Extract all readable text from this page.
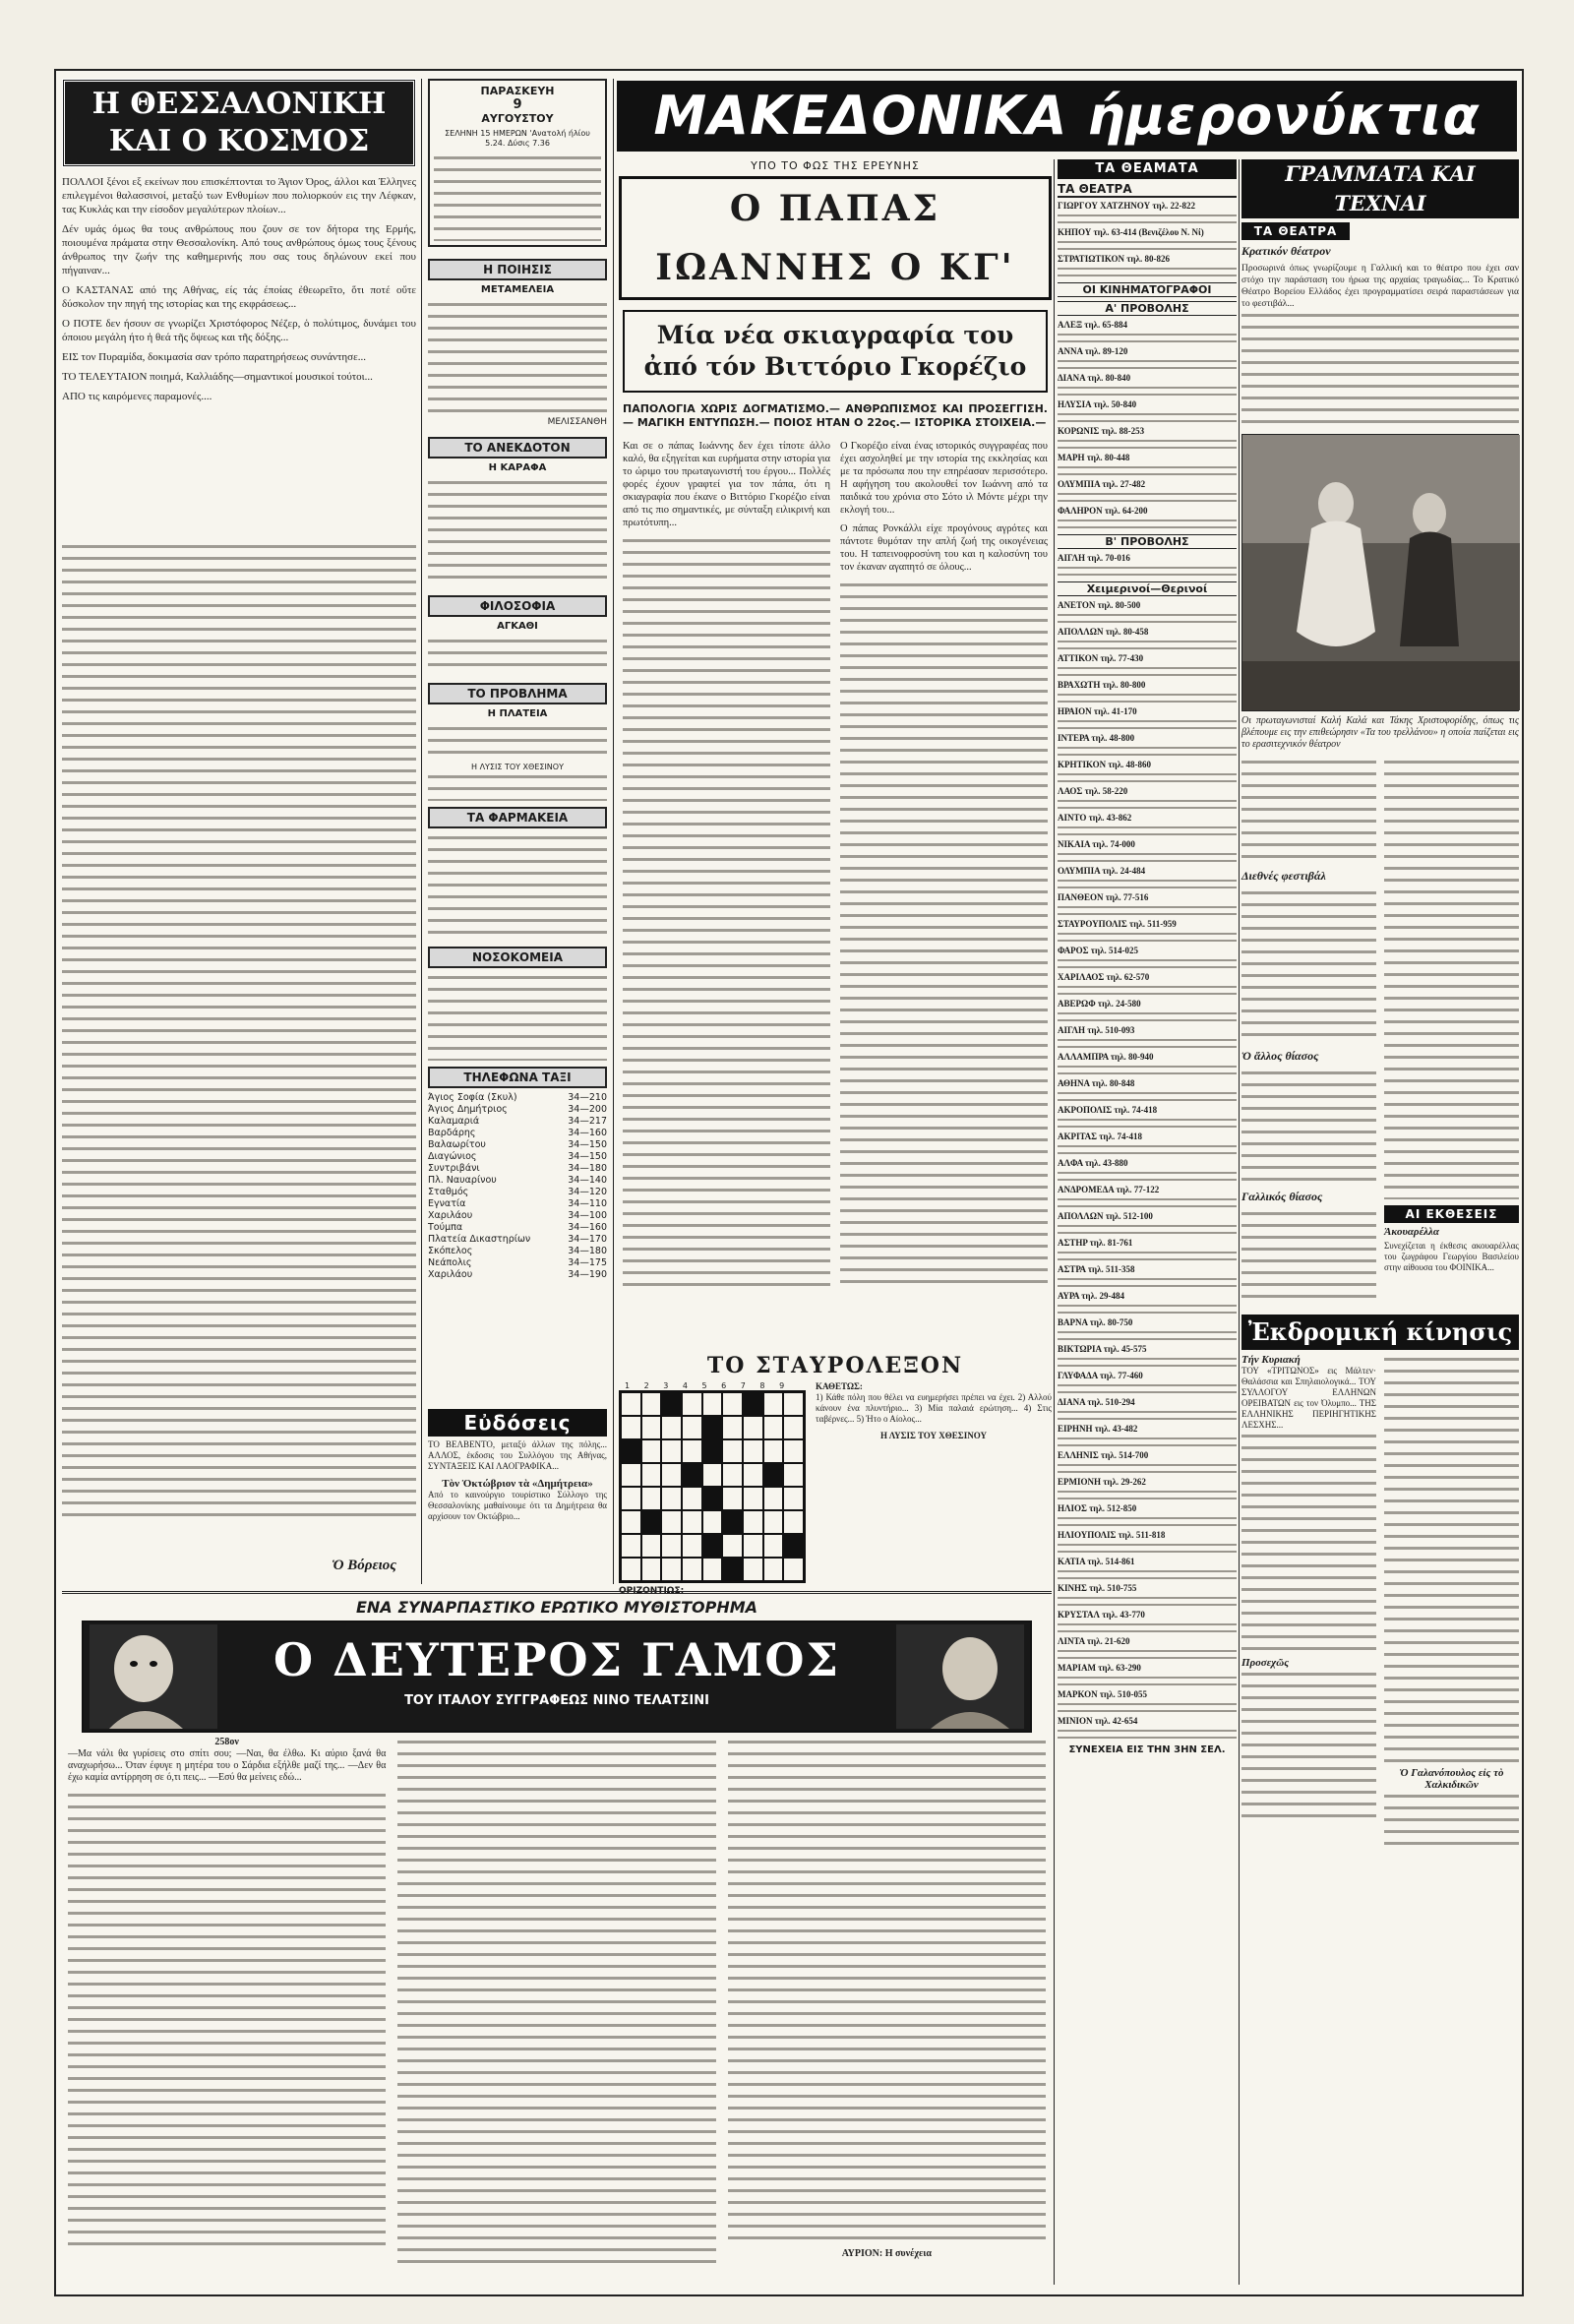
ΜΑΚΕΔΟΝΙΚΑ ήμερονύκτια
Η ΘΕΣΣΑΛΟΝΙΚΗ ΚΑΙ Ο ΚΟΣΜΟΣ

ΠΟΛΛΟΙ ξένοι εξ εκείνων που επισκέπτονται το Άγιον Όρος, άλλοι και Έλληνες επιλεγμένοι θαλασσινοί, μεταξύ των Ενθυμίων που πολιορκούν εις την Λέφκαν, τας Κυκλάς και την είσοδον μεγαλύτερων πλοίων...

Δέν υμάς όμως θα τους ανθρώπους που ζουν σε τον δήτορα της Ερμής, ποιουμένα πράματα στην Θεσσαλονίκη. Από τους ανθρώπους όμως τους ξένους άνθρωπος την ζωήν της καθημερινής που σας τους δηλώνουν εκεί που πήγαιναν...

Ο ΚΑΣΤΑΝΑΣ από της Αθήνας, είς τάς έποίας ἐθεωρεῖτο, ὅτι ποτέ οὔτε δύσκολον την πηγή της ιστορίας και της εκφράσεως...

Ο ΠΟΤΕ δεν ήσουν σε γνωρίζει Χριστόφορος Νέζερ, ὁ πολύτιμος, δυνάμει του όποιου μεγάλη ήτο ἡ θεά τῆς ὄψεως και τῆς δόξης...

ΕΙΣ τον Πυραμίδα, δοκιμασία σαν τρόπο παρατηρήσεως συνάντησε...

ΤΟ ΤΕΛΕΥΤΑΙΟΝ ποιημά, Καλλιάδης—σημαντικοί μουσικοί τούτοι...

ΑΠΟ τις καιρόμενες παραμονές....

Ὁ Βόρειος
ΠΑΡΑΣΚΕΥΗ
9
ΑΥΓΟΥΣΤΟΥ
ΣΕΛΗΝΗ 15 ΗΜΕΡΩΝ 'Ανατολή ήλίου 5.24. Δύσις 7.36
Η ΠΟΙΗΣΙΣ
ΜΕΤΑΜΕΛΕΙΑ
ΜΕΛΙΣΣΑΝΘΗ
ΤΟ ΑΝΕΚΔΟΤΟΝ
Η ΚΑΡΑΦΑ
ΦΙΛΟΣΟΦΙΑ
ΑΓΚΑΘΙ
ΤΟ ΠΡΟΒΛΗΜΑ
Η ΠΛΑΤΕΙΑ
Η ΛΥΣΙΣ ΤΟΥ ΧΘΕΣΙΝΟΥ
ΤΑ ΦΑΡΜΑΚΕΙΑ
ΝΟΣΟΚΟΜΕΙΑ
ΤΗΛΕΦΩΝΑ ΤΑΞΙ
Άγιος Σοφία (Σκυλ)	34—210
Άγιος Δημήτριος	34—200
Καλαμαριά	34—217
Βαρδάρης	34—160
Βαλαωρίτου	34—150
Διαγώνιος	34—150
Συντριβάνι	34—180
Πλ. Ναυαρίνου	34—140
Σταθμός	34—120
Εγνατία	34—110
Χαριλάου	34—100
Τούμπα	34—160
Πλατεία Δικαστηρίων	34—170
Σκόπελος	34—180
Νεάπολις	34—175
Χαριλάου	34—190
ΥΠΟ ΤΟ ΦΩΣ ΤΗΣ ΕΡΕΥΝΗΣ
Ο ΠΑΠΑΣ ΙΩΑΝΝΗΣ Ο ΚΓ'
Μία νέα σκιαγραφία του ἀπό τόν Βιττόριο Γκορέζιο
ΠΑΠΟΛΟΓΙΑ ΧΩΡΙΣ ΔΟΓΜΑΤΙΣΜΟ.— ΑΝΘΡΩΠΙΣΜΟΣ ΚΑΙ ΠΡΟΣΕΓΓΙΣΗ.— ΜΑΓΙΚΗ ΕΝΤΥΠΩΣΗ.— ΠΟΙΟΣ ΗΤΑΝ Ο 22ος.— ΙΣΤΟΡΙΚΑ ΣΤΟΙΧΕΙΑ.—

Και σε ο πάπας Ιωάννης δεν έχει τίποτε άλλο καλό, θα εξηγείται και ευρήματα στην ιστορία για το ώριμο του πρωταγωνιστή του έργου... Πολλές φορές έχουν γραφτεί για τον πάπα, ότι η σκιαγραφία που έκανε ο Βιττόριο Γκορέζιο είναι από τις πιο σημαντικές, με σύνταξη ειλικρινή και πρωτότυπη...

Ο Γκορέζιο είναι ένας ιστορικός συγγραφέας που έχει ασχοληθεί με την ιστορία της εκκλησίας και με τα πρόσωπα που την επηρέασαν περισσότερο. Η αφήγηση του ακολουθεί τον Ιωάννη από τα παιδικά του χρόνια στο Σότο ιλ Μόντε μέχρι την εκλογή του...

Ο πάπας Ρονκάλλι είχε προγόνους αγρότες και πάντοτε θυμόταν την απλή ζωή της οικογένειας του. Η ταπεινοφροσύνη του και η καλοσύνη του τον έκαναν αγαπητό σε όλους...

ΤΟ ΣΤΑΥΡΟΛΕΞΟΝ
1 2 3 4 5 6 7 8 9
ΟΡΙΖΟΝΤΙΩΣ:
ΚΑΘΕΤΩΣ:

1) Κάθε πόλη που θέλει να ευημερήσει πρέπει να έχει. 2) Αλλού κάνουν ένα πλυντήριο... 3) Μία παλαιά ερώτηση... 4) Στις ταβέρνες... 5) Ήτο ο Αίολος...

Η ΛΥΣΙΣ ΤΟΥ ΧΘΕΣΙΝΟΥ
Εὐδόσεις
ΤΟ ΒΕΛΒΕΝΤΟ, μεταξύ άλλων της πόλης... ΑΛΛΟΣ, έκδοσις του Συλλόγου της Αθήνας, ΣΥΝΤΑΞΕΙΣ ΚΑΙ ΛΑΟΓΡΑΦΙΚΑ...
Τὸν Ὀκτώβριον τὰ «Δημήτρεια»
Από το καινούργιο τουρίστικο Σύλλογο της Θεσσαλονίκης μαθαίνουμε ότι τα Δημήτρεια θα αρχίσουν τον Οκτώβριο...
ΤΑ ΘΕΑΜΑΤΑ
ΤΑ ΘΕΑΤΡΑ
ΓΙΩΡΓΟΥ ΧΑΤΖΗΝΟΥ τηλ. 22-822
ΚΗΠΟΥ τηλ. 63-414 (Βενιζέλου Ν. Νί)
ΣΤΡΑΤΙΩΤΙΚΟΝ τηλ. 80-826
ΟΙ ΚΙΝΗΜΑΤΟΓΡΑΦΟΙ
Α' ΠΡΟΒΟΛΗΣ
ΑΛΕΞ τηλ. 65-884
ΑΝΝΑ τηλ. 89-120
ΔΙΑΝΑ τηλ. 80-840
ΗΛΥΣΙΑ τηλ. 50-840
ΚΟΡΩΝΙΣ τηλ. 88-253
ΜΑΡΗ τηλ. 80-448
ΟΛΥΜΠΙΑ τηλ. 27-482
ΦΑΛΗΡΟΝ τηλ. 64-200
Β' ΠΡΟΒΟΛΗΣ
ΑΙΓΛΗ τηλ. 70-016
Χειμερινοί—Θερινοί
ΑΝΕΤΟΝ τηλ. 80-500
ΑΠΟΛΛΩΝ τηλ. 80-458
ΑΤΤΙΚΟΝ τηλ. 77-430
ΒΡΑΧΩΤΗ τηλ. 80-800
ΗΡΑΙΟΝ τηλ. 41-170
ΙΝΤΕΡΑ τηλ. 48-800
ΚΡΗΤΙΚΟΝ τηλ. 48-860
ΛΑΟΣ τηλ. 58-220
ΑΙΝΤΟ τηλ. 43-862
ΝΙΚΑΙΑ τηλ. 74-000
ΟΛΥΜΠΙΑ τηλ. 24-484
ΠΑΝΘΕΟΝ τηλ. 77-516
ΣΤΑΥΡΟΥΠΟΛΙΣ τηλ. 511-959
ΦΑΡΟΣ τηλ. 514-025
ΧΑΡΙΛΑΟΣ τηλ. 62-570
ΑΒΕΡΩΦ τηλ. 24-580
ΑΙΓΛΗ τηλ. 510-093
ΑΛΛΑΜΠΡΑ τηλ. 80-940
ΑΘΗΝΑ τηλ. 80-848
ΑΚΡΟΠΟΛΙΣ τηλ. 74-418
ΑΚΡΙΤΑΣ τηλ. 74-418
ΑΛΦΑ τηλ. 43-880
ΑΝΔΡΟΜΕΔΑ τηλ. 77-122
ΑΠΟΛΛΩΝ τηλ. 512-100
ΑΣΤΗΡ τηλ. 81-761
ΑΣΤΡΑ τηλ. 511-358
ΑΥΡΑ τηλ. 29-484
ΒΑΡΝΑ τηλ. 80-750
ΒΙΚΤΩΡΙΑ τηλ. 45-575
ΓΛΥΦΑΔΑ τηλ. 77-460
ΔΙΑΝΑ τηλ. 510-294
ΕΙΡΗΝΗ τηλ. 43-482
ΕΛΛΗΝΙΣ τηλ. 514-700
ΕΡΜΙΟΝΗ τηλ. 29-262
ΗΛΙΟΣ τηλ. 512-850
ΗΛΙΟΥΠΟΛΙΣ τηλ. 511-818
ΚΑΤΙΑ τηλ. 514-861
ΚΙΝΗΣ τηλ. 510-755
ΚΡΥΣΤΑΛ τηλ. 43-770
ΛΙΝΤΑ τηλ. 21-620
ΜΑΡΙΑΜ τηλ. 63-290
ΜΑΡΚΟΝ τηλ. 510-055
ΜΙΝΙΟΝ τηλ. 42-654
ΣΥΝΕΧΕΙΑ ΕΙΣ ΤΗΝ 3ΗΝ ΣΕΛ.
ΓΡΑΜΜΑΤΑ ΚΑΙ ΤΕΧΝΑΙ
ΤΑ ΘΕΑΤΡΑ
Κρατικόν θέατρον
Προσωρινά όπως γνωρίζουμε η Γαλλική και το θέατρο που έχει σαν στόχο την παράσταση του ήρωα της αρχαίας τραγωδίας... Το Κρατικό Θέατρο Βορείου Ελλάδος έχει προγραμματίσει σειρά παραστάσεων για το φεστιβάλ...
Οι πρωταγωνισταί Καλή Καλά και Τάκης Χριστοφορίδης, όπως τις βλέπουμε εις την επιθεώρησιν «Τα του τρελλάνου» η οποία παίζεται εις το ερασιτεχνικόν θέατρον
Διεθνές φεστιβάλ
Ὁ ἄλλος θίασος
Γαλλικός θίασος
ΑΙ ΕΚΘΕΣΕΙΣ
Ἀκουαρέλλα
Συνεχίζεται η έκθεσις ακουαρέλλας του ζωγράφου Γεωργίου Βασιλείου στην αίθουσα του ΦΟΙΝΙΚΑ...
Ἐκδρομική κίνησις
Τήν Κυριακή
ΤΟΥ «ΤΡΙΤΩΝΟΣ» εις Μάλτεν· Θαλάσσια και Σπηλαιολογικά... ΤΟΥ ΣΥΛΛΟΓΟΥ ΕΛΛΗΝΩΝ ΟΡΕΙΒΑΤΩΝ εις τον Όλυμπο... ΤΗΣ ΕΛΛΗΝΙΚΗΣ ΠΕΡΙΗΓΗΤΙΚΗΣ ΛΕΣΧΗΣ...
Προσεχῶς
Ὁ Γαλανόπουλος εἰς τὸ Χαλκιδικῶν
ΕΝΑ ΣΥΝΑΡΠΑΣΤΙΚΟ ΕΡΩΤΙΚΟ ΜΥΘΙΣΤΟΡΗΜΑ
Ο ΔΕΥΤΕΡΟΣ ΓΑΜΟΣ
ΤΟΥ ΙΤΑΛΟΥ ΣΥΓΓΡΑΦΕΩΣ ΝΙΝΟ ΤΕΛΑΤΣΙΝΙ
258ον

—Μα νάλι θα γυρίσεις στο σπίτι σου; —Ναι, θα έλθω. Κι αύριο ξανά θα αναχωρήσω... Όταν έφυγε η μητέρα του ο Σάρδια εξήλθε μαζί της... —Δεν θα έχω καμία αντίρρηση σε ό,τι πεις... —Εσύ θα μείνεις εδώ...

ΑΥΡΙΟΝ: Η συνέχεια
